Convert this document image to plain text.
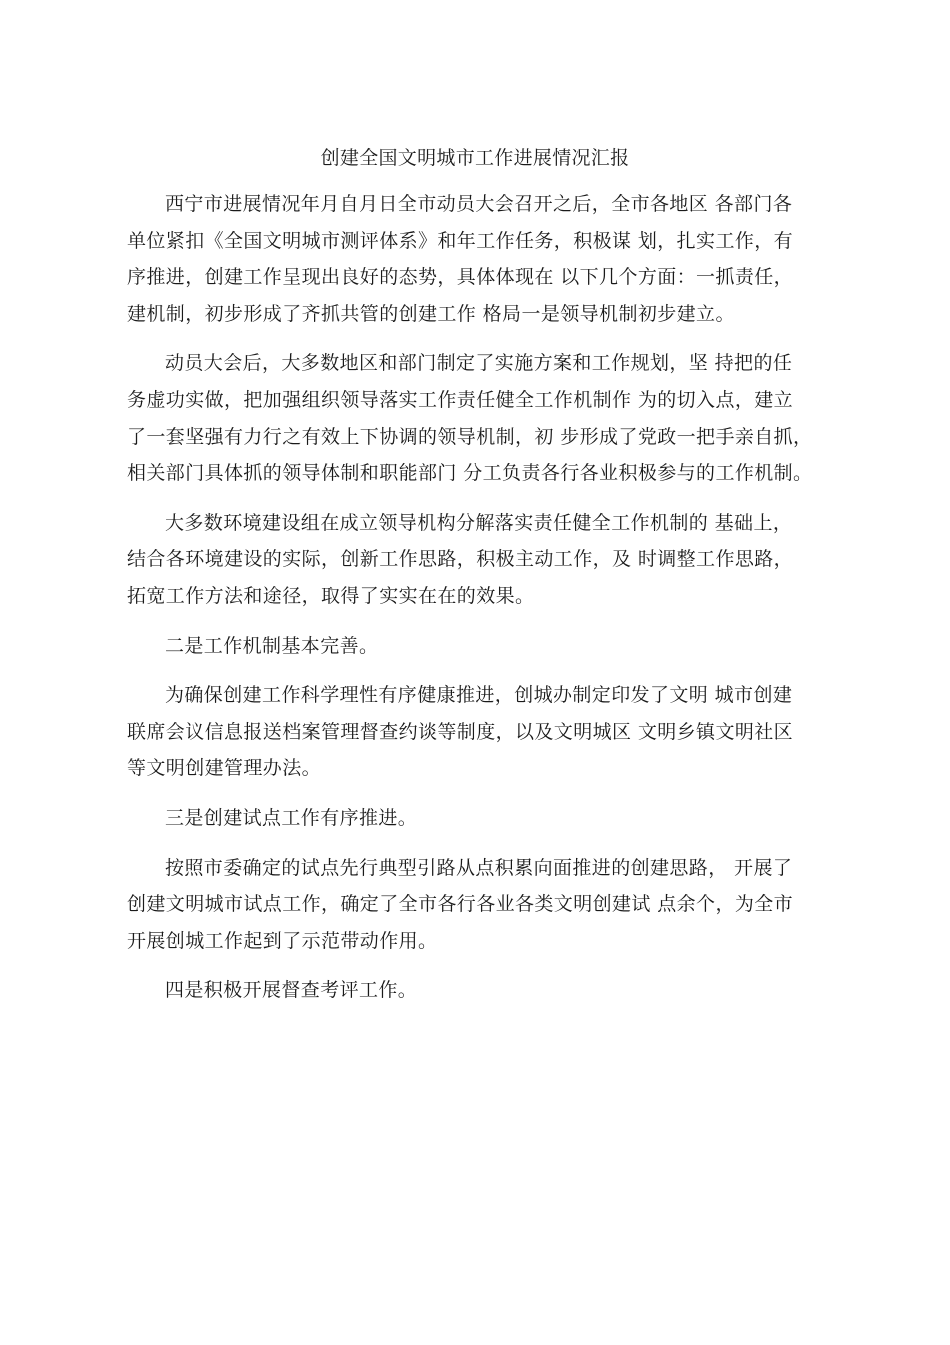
创建全国文明城市工作进展情况汇报
西宁市进展情况年月自月日全市动员大会召开之后，全市各地区 各部门各
单位紧扣《全国文明城市测评体系》和年工作任务，积极谋 划，扎实工作，有
序推进，创建工作呈现出良好的态势，具体体现在 以下几个方面：一抓责任，
建机制，初步形成了齐抓共管的创建工作 格局一是领导机制初步建立。
动员大会后，大多数地区和部门制定了实施方案和工作规划，坚 持把的任
务虚功实做，把加强组织领导落实工作责任健全工作机制作 为的切入点，建立
了一套坚强有力行之有效上下协调的领导机制，初 步形成了党政一把手亲自抓，
相关部门具体抓的领导体制和职能部门 分工负责各行各业积极参与的工作机制。
大多数环境建设组在成立领导机构分解落实责任健全工作机制的 基础上，
结合各环境建设的实际，创新工作思路，积极主动工作，及 时调整工作思路，
拓宽工作方法和途径，取得了实实在在的效果。
二是工作机制基本完善。
为确保创建工作科学理性有序健康推进，创城办制定印发了文明 城市创建
联席会议信息报送档案管理督查约谈等制度，以及文明城区 文明乡镇文明社区
等文明创建管理办法。
三是创建试点工作有序推进。
按照市委确定的试点先行典型引路从点积累向面推进的创建思路， 开展了
创建文明城市试点工作，确定了全市各行各业各类文明创建试 点余个，为全市
开展创城工作起到了示范带动作用。
四是积极开展督查考评工作。
